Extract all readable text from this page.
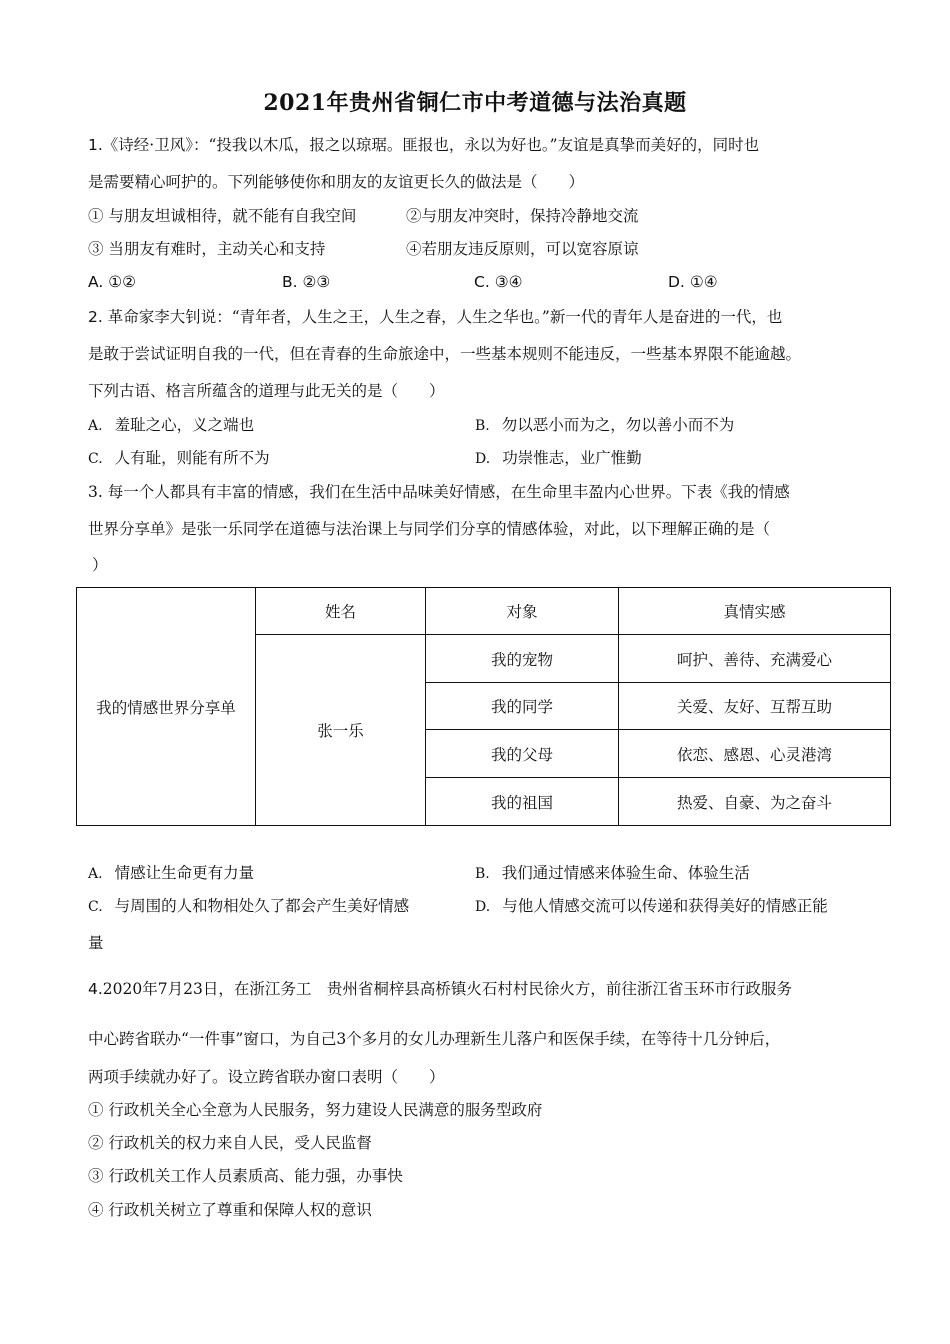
2021年贵州省铜仁市中考道德与法治真题
1.《诗经·卫风》：“投我以木瓜，报之以琼琚。匪报也，永以为好也。”友谊是真挚而美好的，同时也
是需要精心呵护的。下列能够使你和朋友的友谊更长久的做法是（　　）
① 与朋友坦诚相待，就不能有自我空间	②与朋友冲突时，保持冷静地交流
③ 当朋友有难时，主动关心和支持	④若朋友违反原则，可以宽容原谅
A. ①②	B. ②③	C. ③④	D. ①④
2. 革命家李大钊说：“青年者，人生之王，人生之春，人生之华也。”新一代的青年人是奋进的一代，也
是敢于尝试证明自我的一代，但在青春的生命旅途中，一些基本规则不能违反，一些基本界限不能逾越。
下列古语、格言所蕴含的道理与此无关的是（　　）
A. 羞耻之心，义之端也	B. 勿以恶小而为之，勿以善小而不为
C. 人有耻，则能有所不为	D. 功崇惟志，业广惟勤
3. 每一个人都具有丰富的情感，我们在生活中品味美好情感，在生命里丰盈内心世界。下表《我的情感
世界分享单》是张一乐同学在道德与法治课上与同学们分享的情感体验，对此，以下理解正确的是（
）
我的情感世界分享单	姓名	对象	真情实感
	张一乐	我的宠物	呵护、善待、充满爱心
		我的同学	关爱、友好、互帮互助
		我的父母	依恋、感恩、心灵港湾
		我的祖国	热爱、自豪、为之奋斗
A. 情感让生命更有力量	B. 我们通过情感来体验生命、体验生活
C. 与周围的人和物相处久了都会产生美好情感	D. 与他人情感交流可以传递和获得美好的情感正能
量
4.2020年7月23日，在浙江务工　贵州省桐梓县高桥镇火石村村民徐火方，前往浙江省玉环市行政服务
中心跨省联办“一件事”窗口，为自己3个多月的女儿办理新生儿落户和医保手续，在等待十几分钟后，
两项手续就办好了。设立跨省联办窗口表明（　　）
① 行政机关全心全意为人民服务，努力建设人民满意的服务型政府
② 行政机关的权力来自人民，受人民监督
③ 行政机关工作人员素质高、能力强，办事快
④ 行政机关树立了尊重和保障人权的意识
